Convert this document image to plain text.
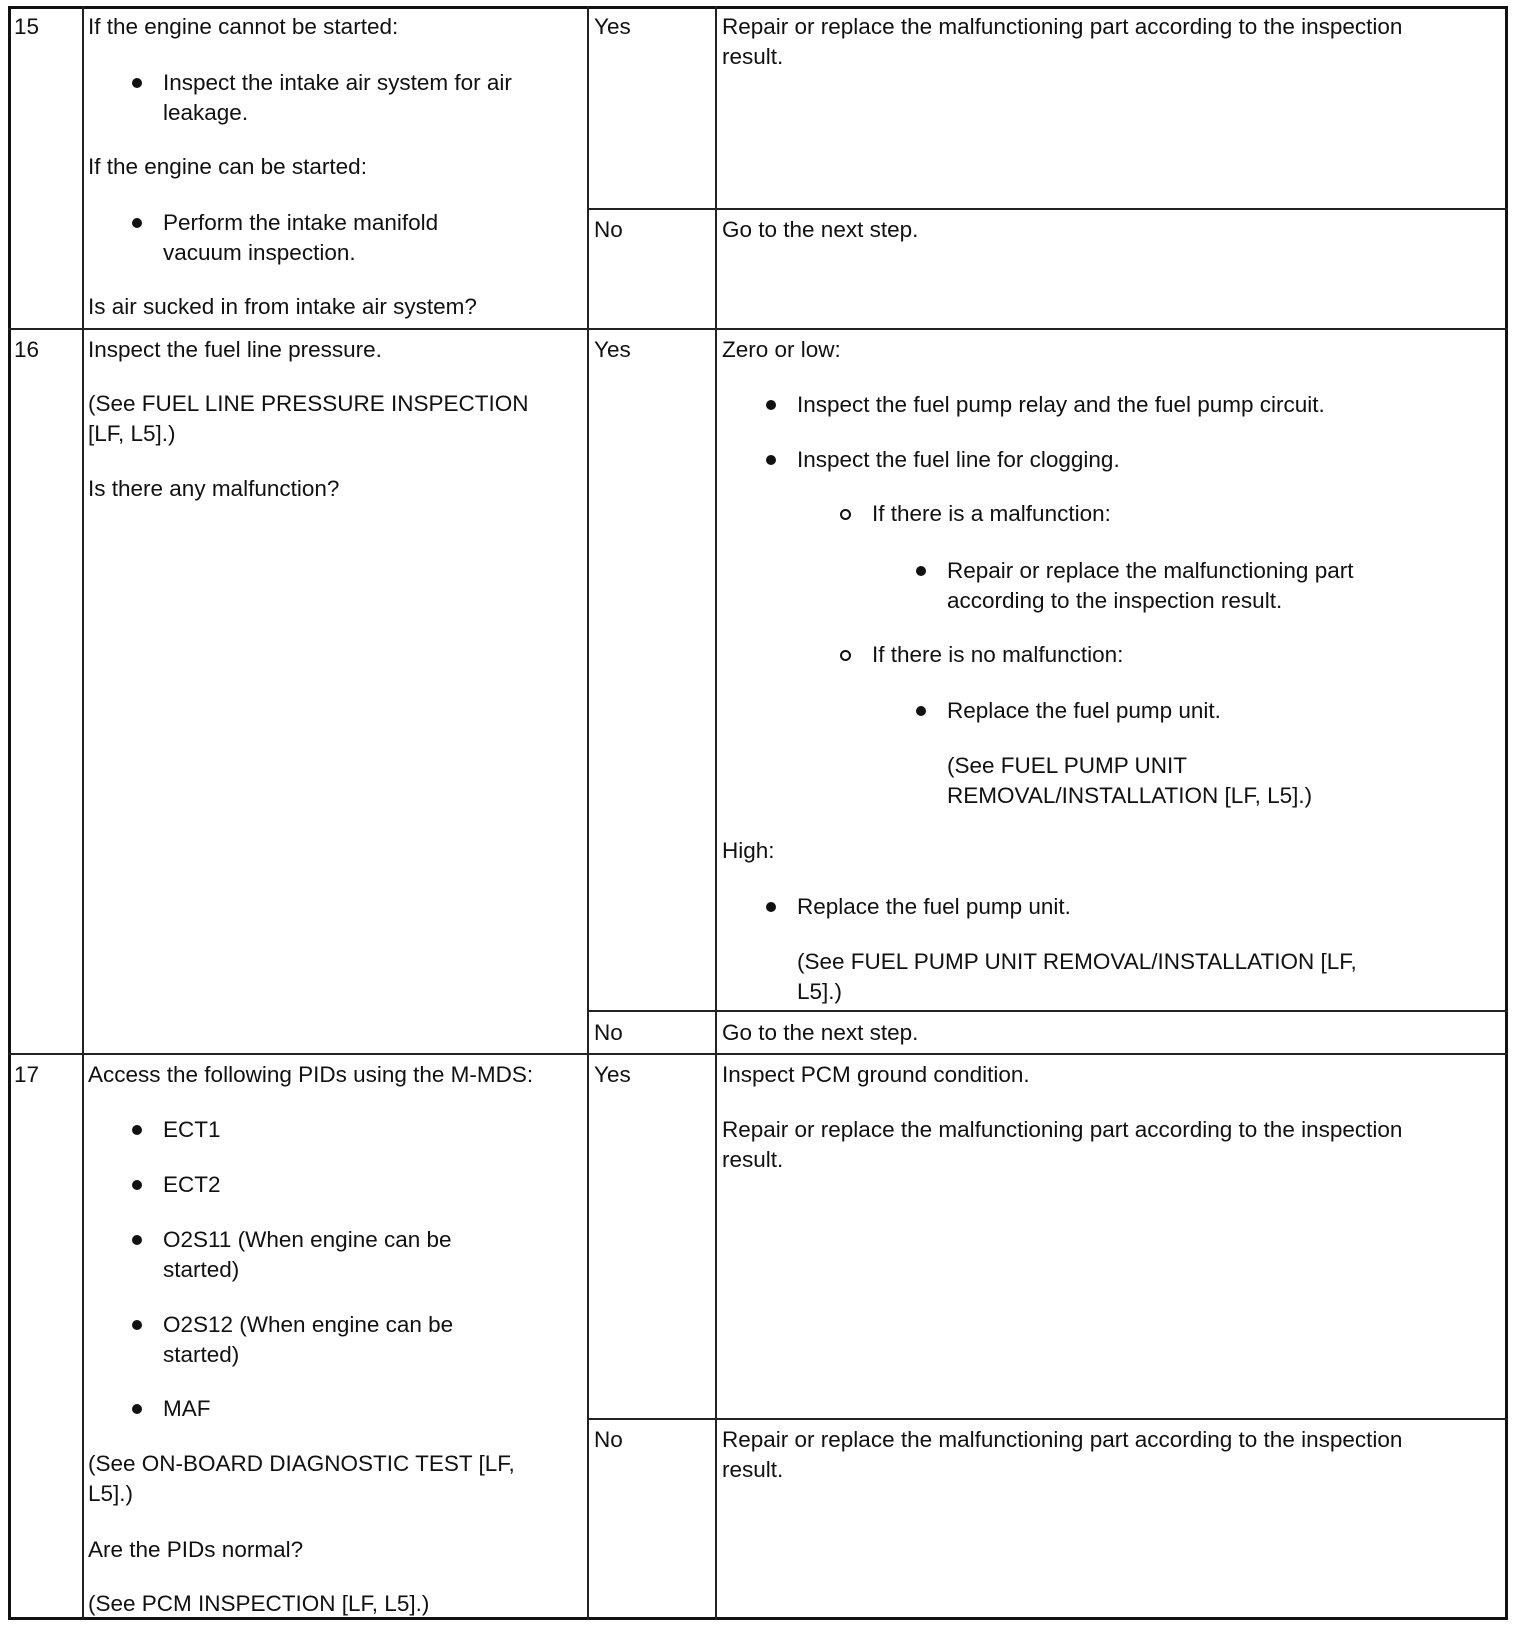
15 If the engine cannot be started:
Inspect the intake air system for air
leakage.
If the engine can be started:
Perform the intake manifold
vacuum inspection.
Is air sucked in from intake air system?
Yes	Repair or replace the malfunctioning part according to the inspection
result.
No	Go to the next step.
16 Inspect the fuel line pressure.
(See FUEL LINE PRESSURE INSPECTION
[LF, L5].)
Is there any malfunction?
Yes	Zero or low:
Inspect the fuel pump relay and the fuel pump circuit.
Inspect the fuel line for clogging.
If there is a malfunction:
Repair or replace the malfunctioning part
according to the inspection result.
If there is no malfunction:
Replace the fuel pump unit.
(See FUEL PUMP UNIT
REMOVAL/INSTALLATION [LF, L5].)
High:
Replace the fuel pump unit.
(See FUEL PUMP UNIT REMOVAL/INSTALLATION [LF,
L5].)
No	Go to the next step.
17 Access the following PIDs using the M-MDS:
ECT1
ECT2
O2S11 (When engine can be
started)
O2S12 (When engine can be
started)
MAF
(See ON-BOARD DIAGNOSTIC TEST [LF,
L5].)
Are the PIDs normal?
(See PCM INSPECTION [LF, L5].)
Yes	Inspect PCM ground condition.
Repair or replace the malfunctioning part according to the inspection
result.
No	Repair or replace the malfunctioning part according to the inspection
result.
